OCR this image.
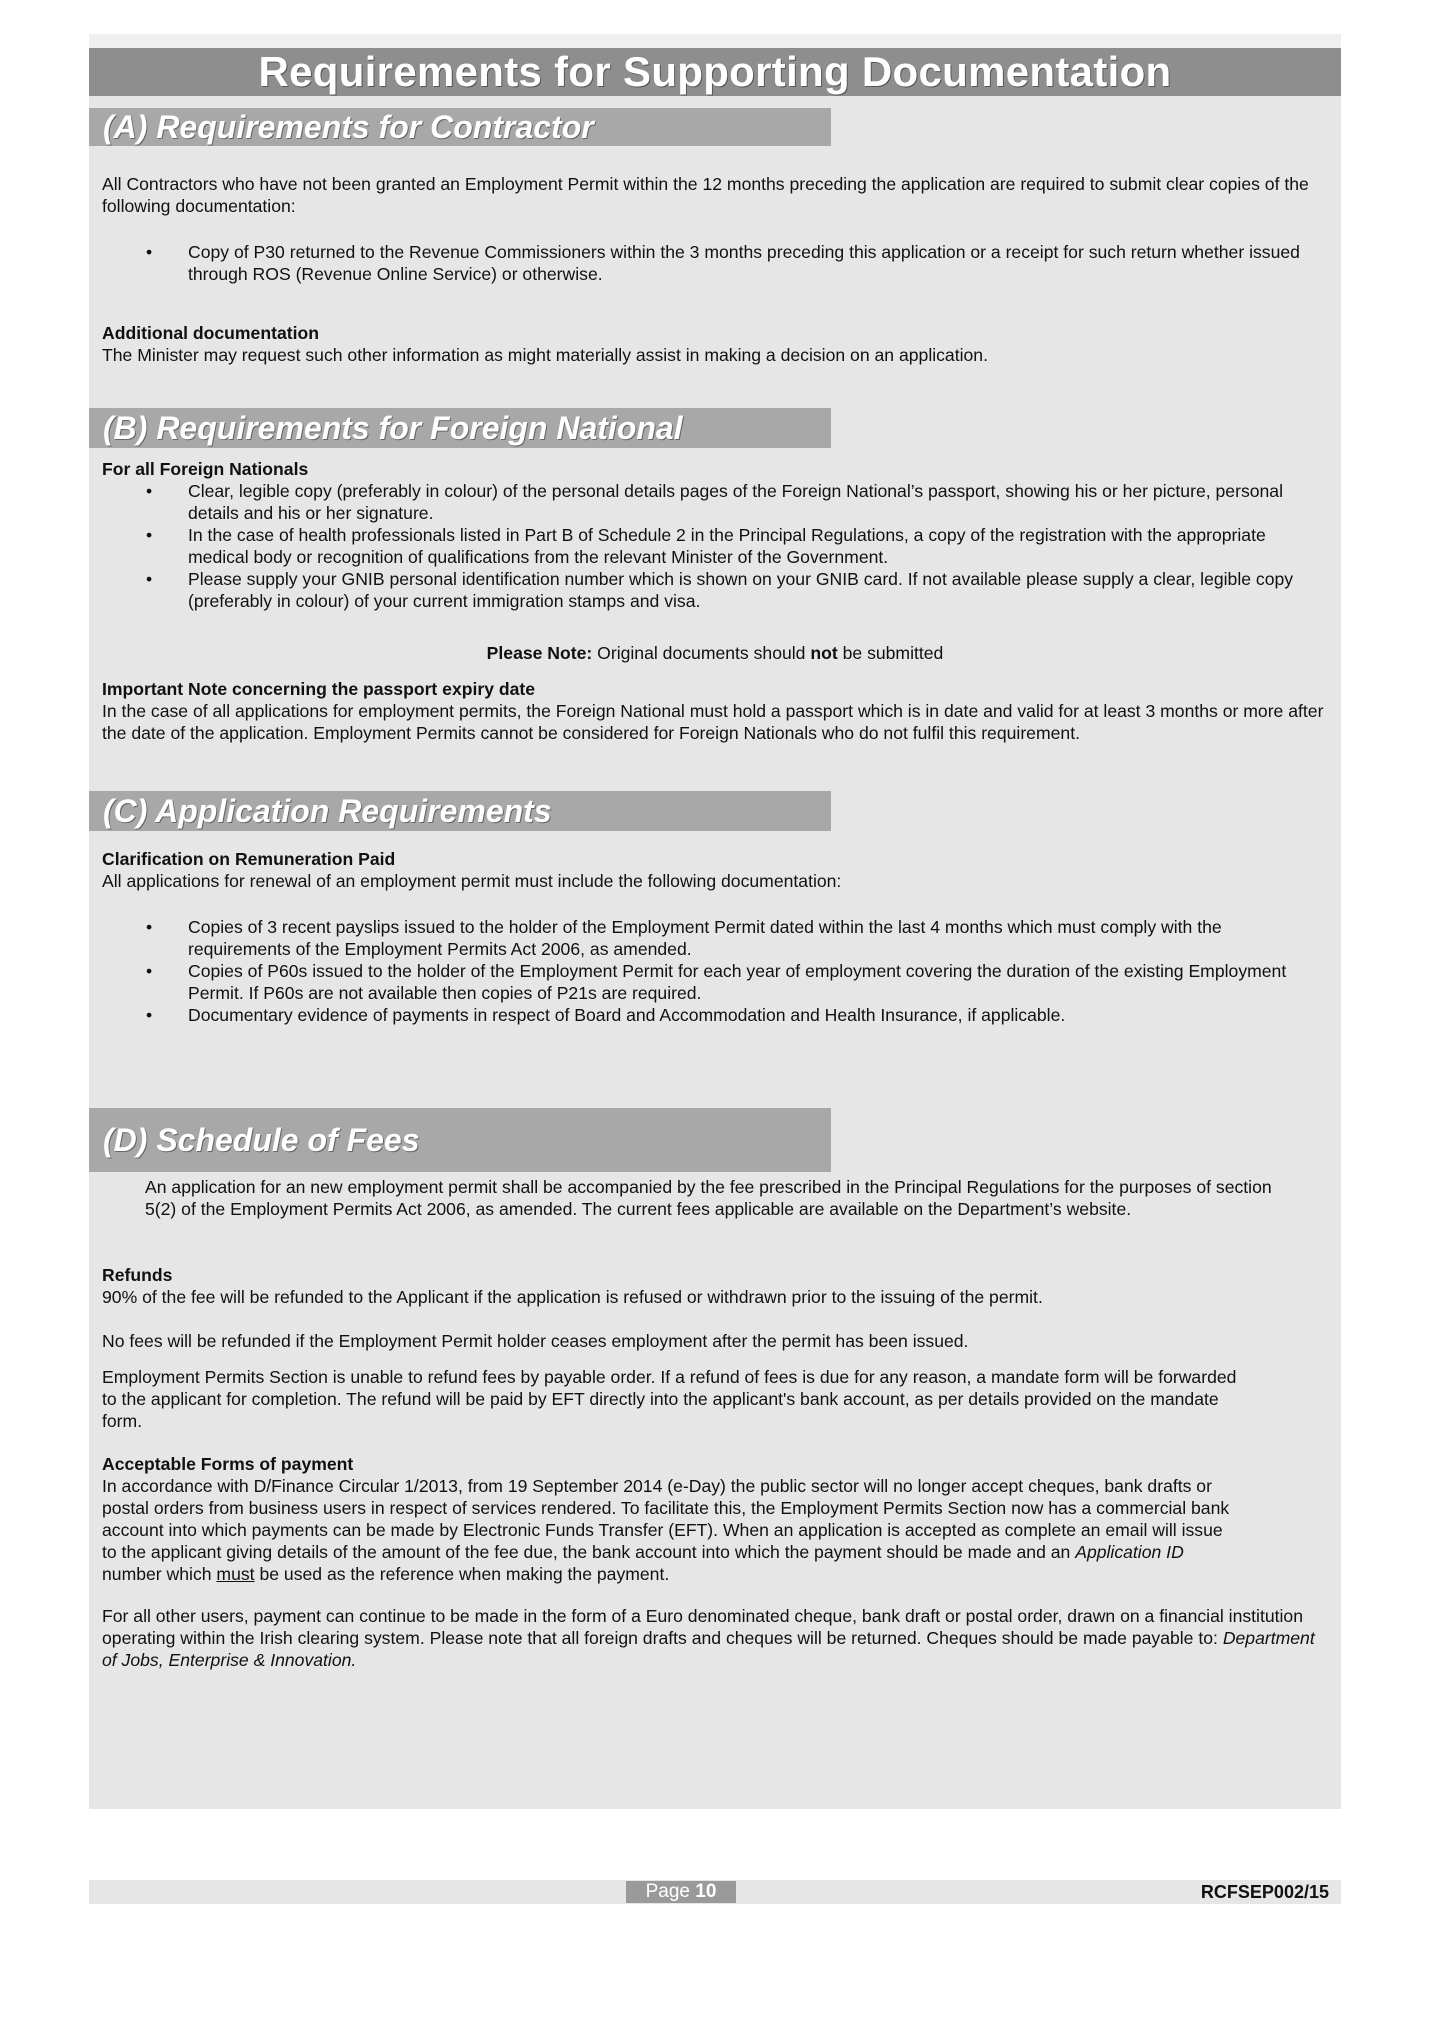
Requirements for Supporting Documentation
(A) Requirements for Contractor

All Contractors who have not been granted an Employment Permit within the 12 months preceding the application are required to submit clear copies of the following documentation:

• Copy of P30 returned to the Revenue Commissioners within the 3 months preceding this application or a receipt for such return whether issued through ROS (Revenue Online Service) or otherwise.

Additional documentation

The Minister may request such other information as might materially assist in making a decision on an application.

(B) Requirements for Foreign National

For all Foreign Nationals

• Clear, legible copy (preferably in colour) of the personal details pages of the Foreign National’s passport, showing his or her picture, personal details and his or her signature.
• In the case of health professionals listed in Part B of Schedule 2 in the Principal Regulations, a copy of the registration with the appropriate medical body or recognition of qualifications from the relevant Minister of the Government.
• Please supply your GNIB personal identification number which is shown on your GNIB card. If not available please supply a clear, legible copy (preferably in colour) of your current immigration stamps and visa.
Please Note: Original documents should not be submitted

Important Note concerning the passport expiry date

In the case of all applications for employment permits, the Foreign National must hold a passport which is in date and valid for at least 3 months or more after the date of the application. Employment Permits cannot be considered for Foreign Nationals who do not fulfil this requirement.

(C) Application Requirements

Clarification on Remuneration Paid

All applications for renewal of an employment permit must include the following documentation:

• Copies of 3 recent payslips issued to the holder of the Employment Permit dated within the last 4 months which must comply with the requirements of the Employment Permits Act 2006, as amended.
• Copies of P60s issued to the holder of the Employment Permit for each year of employment covering the duration of the existing Employment Permit. If P60s are not available then copies of P21s are required.
• Documentary evidence of payments in respect of Board and Accommodation and Health Insurance, if applicable.
(D) Schedule of Fees

An application for an new employment permit shall be accompanied by the fee prescribed in the Principal Regulations for the purposes of section 5(2) of the Employment Permits Act 2006, as amended. The current fees applicable are available on the Department’s website.

Refunds

90% of the fee will be refunded to the Applicant if the application is refused or withdrawn prior to the issuing of the permit.

No fees will be refunded if the Employment Permit holder ceases employment after the permit has been issued.

Employment Permits Section is unable to refund fees by payable order. If a refund of fees is due for any reason, a mandate form will be forwarded to the applicant for completion. The refund will be paid by EFT directly into the applicant's bank account, as per details provided on the mandate form.

Acceptable Forms of payment

In accordance with D/Finance Circular 1/2013, from 19 September 2014 (e-Day) the public sector will no longer accept cheques, bank drafts or postal orders from business users in respect of services rendered. To facilitate this, the Employment Permits Section now has a commercial bank account into which payments can be made by Electronic Funds Transfer (EFT). When an application is accepted as complete an email will issue to the applicant giving details of the amount of the fee due, the bank account into which the payment should be made and an Application ID number which must be used as the reference when making the payment.

For all other users, payment can continue to be made in the form of a Euro denominated cheque, bank draft or postal order, drawn on a financial institution operating within the Irish clearing system. Please note that all foreign drafts and cheques will be returned. Cheques should be made payable to: Department of Jobs, Enterprise & Innovation.

Page 10	RCFSEP002/15
